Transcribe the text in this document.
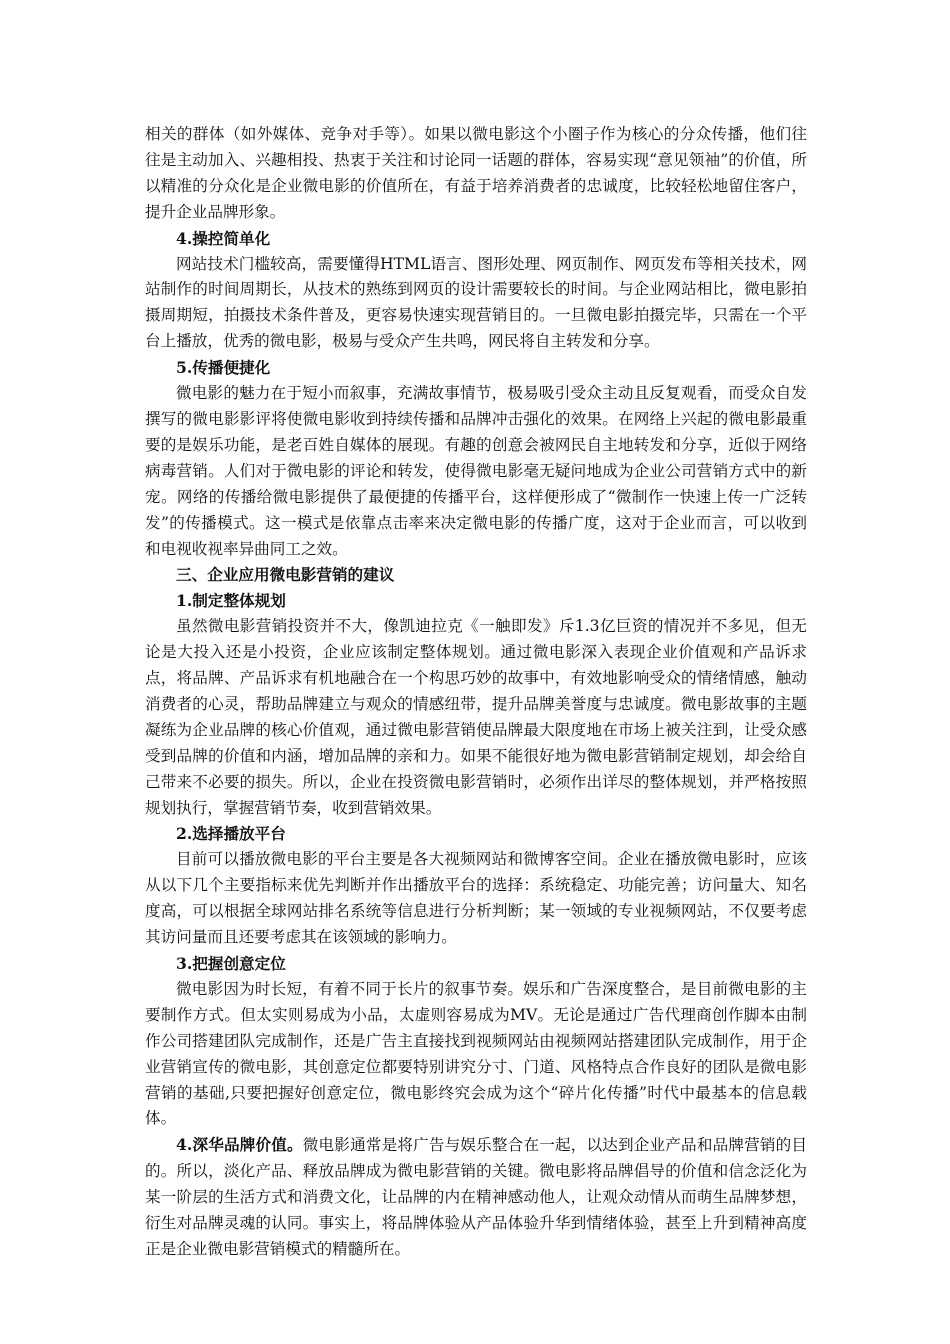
相关的群体（如外媒体、竞争对手等）。如果以微电影这个小圈子作为核心的分众传播，他们往往是主动加入、兴趣相投、热衷于关注和讨论同一话题的群体，容易实现“意见领袖”的价值，所以精准的分众化是企业微电影的价值所在，有益于培养消费者的忠诚度，比较轻松地留住客户，提升企业品牌形象。

4.操控简单化

网站技术门槛较高，需要懂得HTML语言、图形处理、网页制作、网页发布等相关技术，网站制作的时间周期长，从技术的熟练到网页的设计需要较长的时间。与企业网站相比，微电影拍摄周期短，拍摄技术条件普及，更容易快速实现营销目的。一旦微电影拍摄完毕，只需在一个平台上播放，优秀的微电影，极易与受众产生共鸣，网民将自主转发和分享。

5.传播便捷化

微电影的魅力在于短小而叙事，充满故事情节，极易吸引受众主动且反复观看，而受众自发撰写的微电影影评将使微电影收到持续传播和品牌冲击强化的效果。在网络上兴起的微电影最重要的是娱乐功能，是老百姓自媒体的展现。有趣的创意会被网民自主地转发和分享，近似于网络病毒营销。人们对于微电影的评论和转发，使得微电影毫无疑问地成为企业公司营销方式中的新宠。网络的传播给微电影提供了最便捷的传播平台，这样便形成了“微制作一快速上传一广泛转发”的传播模式。这一模式是依靠点击率来决定微电影的传播广度，这对于企业而言，可以收到和电视收视率异曲同工之效。

三、企业应用微电影营销的建议

1.制定整体规划

虽然微电影营销投资并不大，像凯迪拉克《一触即发》斥1.3亿巨资的情况并不多见，但无论是大投入还是小投资，企业应该制定整体规划。通过微电影深入表现企业价值观和产品诉求点，将品牌、产品诉求有机地融合在一个构思巧妙的故事中，有效地影响受众的情绪情感，触动消费者的心灵，帮助品牌建立与观众的情感纽带，提升品牌美誉度与忠诚度。微电影故事的主题凝练为企业品牌的核心价值观，通过微电影营销使品牌最大限度地在市场上被关注到，让受众感受到品牌的价值和内涵，增加品牌的亲和力。如果不能很好地为微电影营销制定规划，却会给自己带来不必要的损失。所以，企业在投资微电影营销时，必须作出详尽的整体规划，并严格按照规划执行，掌握营销节奏，收到营销效果。

2.选择播放平台

目前可以播放微电影的平台主要是各大视频网站和微博客空间。企业在播放微电影时，应该从以下几个主要指标来优先判断并作出播放平台的选择：系统稳定、功能完善；访问量大、知名度高，可以根据全球网站排名系统等信息进行分析判断；某一领域的专业视频网站，不仅要考虑其访问量而且还要考虑其在该领域的影响力。

3.把握创意定位

微电影因为时长短，有着不同于长片的叙事节奏。娱乐和广告深度整合，是目前微电影的主要制作方式。但太实则易成为小品，太虚则容易成为MV。无论是通过广告代理商创作脚本由制作公司搭建团队完成制作，还是广告主直接找到视频网站由视频网站搭建团队完成制作，用于企业营销宣传的微电影，其创意定位都要特别讲究分寸、门道、风格特点合作良好的团队是微电影营销的基础,只要把握好创意定位，微电影终究会成为这个“碎片化传播”时代中最基本的信息载体。

4.深华品牌价值。微电影通常是将广告与娱乐整合在一起，以达到企业产品和品牌营销的目的。所以，淡化产品、释放品牌成为微电影营销的关键。微电影将品牌倡导的价值和信念泛化为某一阶层的生活方式和消费文化，让品牌的内在精神感动他人，让观众动情从而萌生品牌梦想，衍生对品牌灵魂的认同。事实上，将品牌体验从产品体验升华到情绪体验，甚至上升到精神高度正是企业微电影营销模式的精髓所在。
